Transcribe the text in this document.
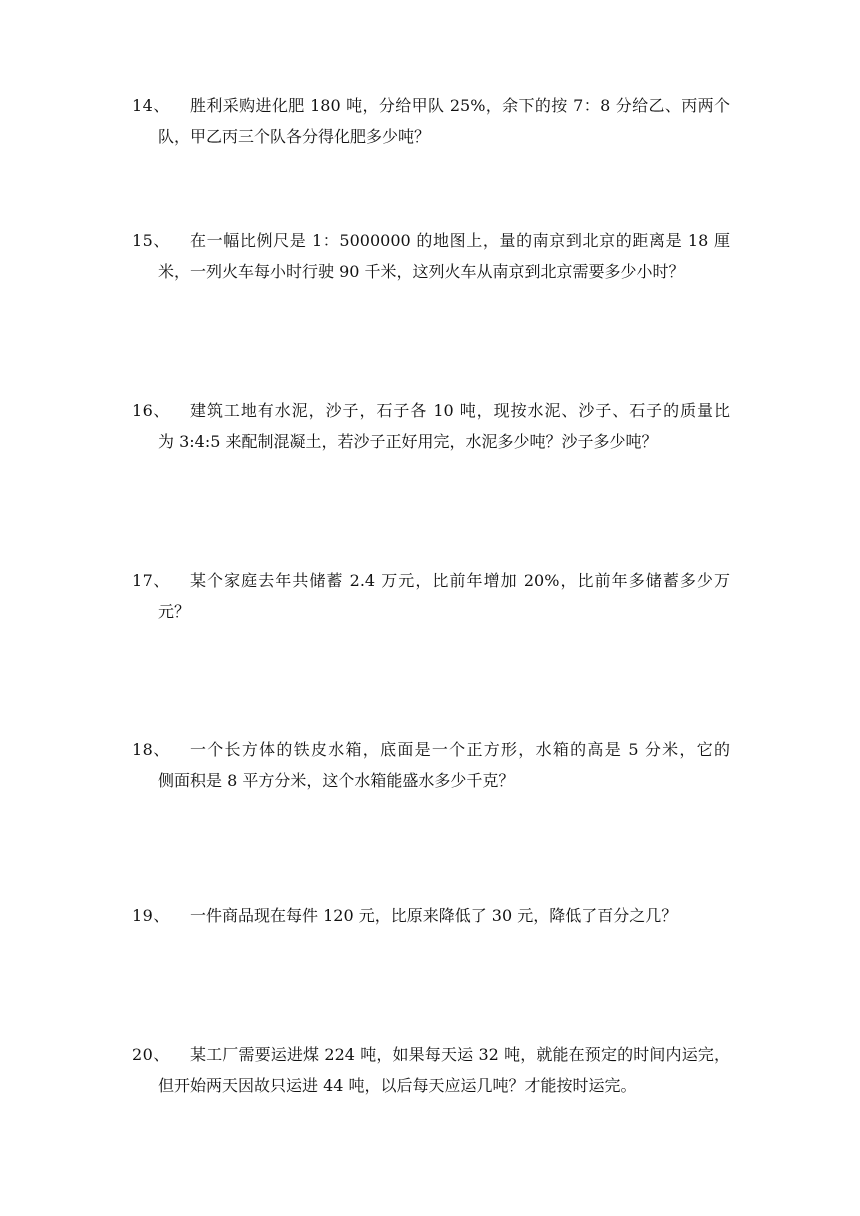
14、 胜利采购进化肥 180 吨，分给甲队 25%，余下的按 7：8 分给乙、丙两个
队，甲乙丙三个队各分得化肥多少吨？
15、 在一幅比例尺是 1：5000000 的地图上，量的南京到北京的距离是 18 厘
米，一列火车每小时行驶 90 千米，这列火车从南京到北京需要多少小时？
16、 建筑工地有水泥，沙子，石子各 10 吨，现按水泥、沙子、石子的质量比
为 3:4:5 来配制混凝土，若沙子正好用完，水泥多少吨？沙子多少吨？
17、 某个家庭去年共储蓄 2.4 万元，比前年增加 20%，比前年多储蓄多少万
元？
18、 一个长方体的铁皮水箱，底面是一个正方形，水箱的高是 5 分米，它的
侧面积是 8 平方分米，这个水箱能盛水多少千克？
19、 一件商品现在每件 120 元，比原来降低了 30 元，降低了百分之几？
20、 某工厂需要运进煤 224 吨，如果每天运 32 吨，就能在预定的时间内运完，
但开始两天因故只运进 44 吨，以后每天应运几吨？才能按时运完。
